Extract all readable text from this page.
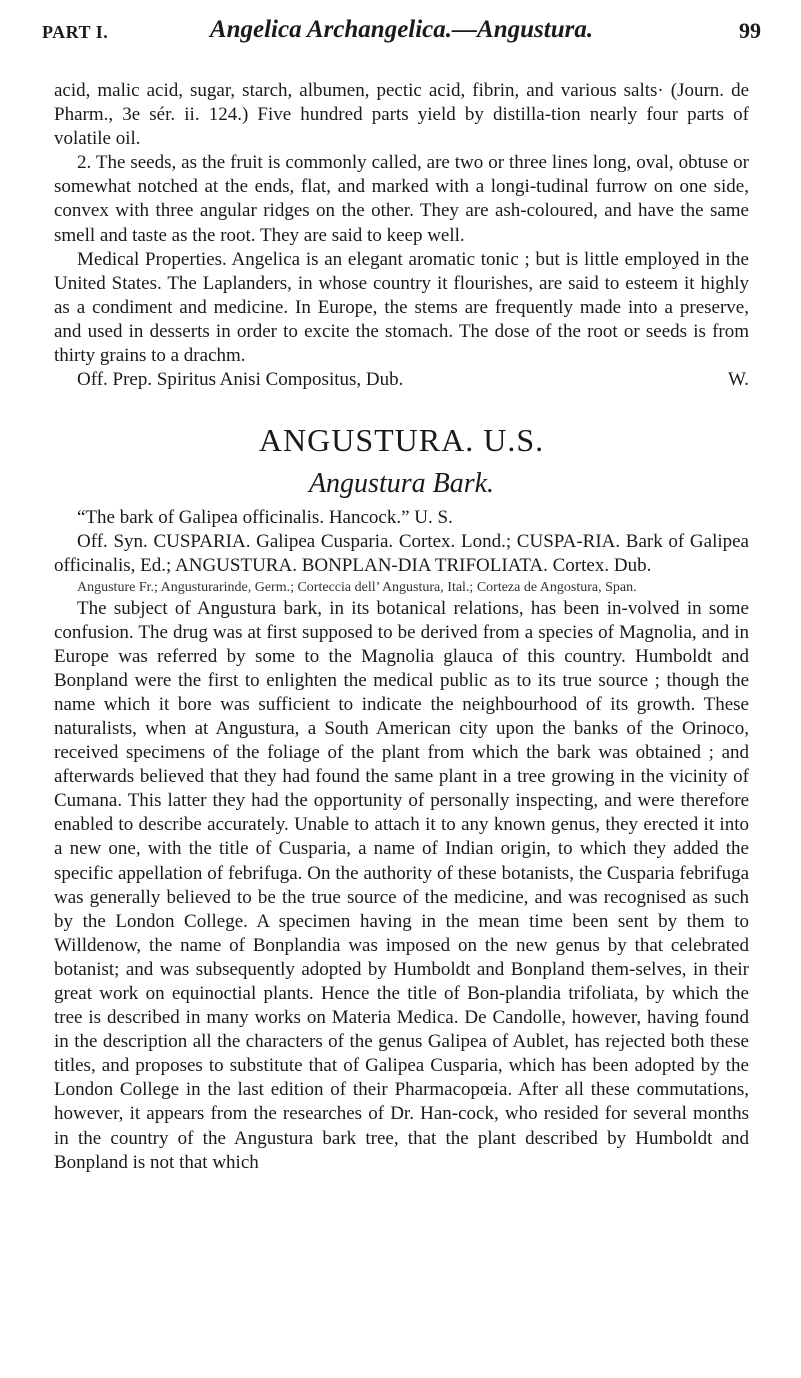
PART I.	Angelica Archangelica.—Angustura.	99

acid, malic acid, sugar, starch, albumen, pectic acid, fibrin, and various salts· (Journ. de Pharm., 3e sér. ii. 124.) Five hundred parts yield by distilla-tion nearly four parts of volatile oil.

2. The seeds, as the fruit is commonly called, are two or three lines long, oval, obtuse or somewhat notched at the ends, flat, and marked with a longi-tudinal furrow on one side, convex with three angular ridges on the other. They are ash-coloured, and have the same smell and taste as the root. They are said to keep well.

Medical Properties. Angelica is an elegant aromatic tonic ; but is little employed in the United States. The Laplanders, in whose country it flourishes, are said to esteem it highly as a condiment and medicine. In Europe, the stems are frequently made into a preserve, and used in desserts in order to excite the stomach. The dose of the root or seeds is from thirty grains to a drachm.

Off. Prep. Spiritus Anisi Compositus, Dub.	W.

ANGUSTURA. U.S.
Angustura Bark.

“The bark of Galipea officinalis. Hancock.” U. S.

Off. Syn. CUSPARIA. Galipea Cusparia. Cortex. Lond.; CUSPA-RIA. Bark of Galipea officinalis, Ed.; ANGUSTURA. BONPLAN-DIA TRIFOLIATA. Cortex. Dub.

Angusture Fr.; Angusturarinde, Germ.; Corteccia dell’ Angustura, Ital.; Corteza de Angostura, Span.

The subject of Angustura bark, in its botanical relations, has been in-volved in some confusion. The drug was at first supposed to be derived from a species of Magnolia, and in Europe was referred by some to the Magnolia glauca of this country. Humboldt and Bonpland were the first to enlighten the medical public as to its true source ; though the name which it bore was sufficient to indicate the neighbourhood of its growth. These naturalists, when at Angustura, a South American city upon the banks of the Orinoco, received specimens of the foliage of the plant from which the bark was obtained ; and afterwards believed that they had found the same plant in a tree growing in the vicinity of Cumana. This latter they had the opportunity of personally inspecting, and were therefore enabled to describe accurately. Unable to attach it to any known genus, they erected it into a new one, with the title of Cusparia, a name of Indian origin, to which they added the specific appellation of febrifuga. On the authority of these botanists, the Cusparia febrifuga was generally believed to be the true source of the medicine, and was recognised as such by the London College. A specimen having in the mean time been sent by them to Willdenow, the name of Bonplandia was imposed on the new genus by that celebrated botanist; and was subsequently adopted by Humboldt and Bonpland them-selves, in their great work on equinoctial plants. Hence the title of Bon-plandia trifoliata, by which the tree is described in many works on Materia Medica. De Candolle, however, having found in the description all the characters of the genus Galipea of Aublet, has rejected both these titles, and proposes to substitute that of Galipea Cusparia, which has been adopted by the London College in the last edition of their Pharmacopœia. After all these commutations, however, it appears from the researches of Dr. Han-cock, who resided for several months in the country of the Angustura bark tree, that the plant described by Humboldt and Bonpland is not that which
